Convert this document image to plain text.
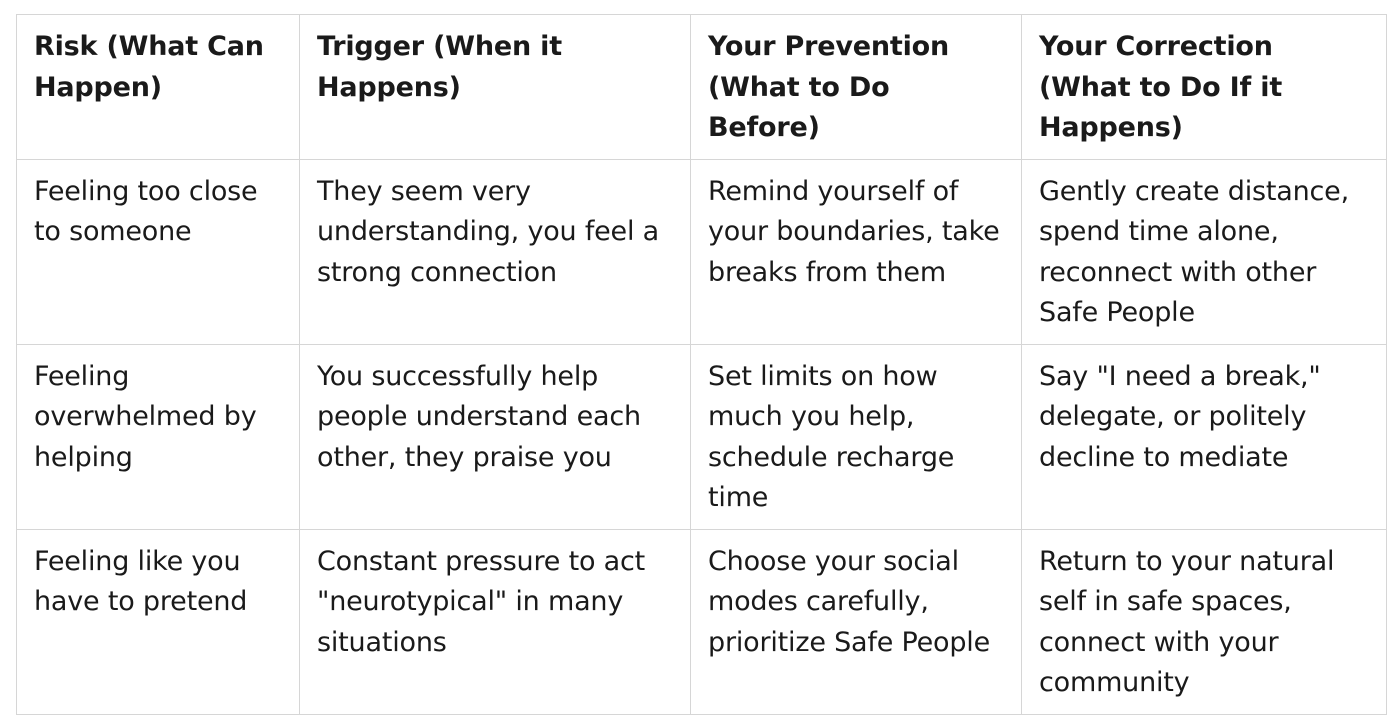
Risk (What Can Happen)	Trigger (When it Happens)	Your Prevention (What to Do Before)	Your Correction (What to Do If it Happens)
Feeling too close to someone	They seem very understanding, you feel a strong connection	Remind yourself of your boundaries, take breaks from them	Gently create distance, spend time alone, reconnect with other Safe People
Feeling overwhelmed by helping	You successfully help people understand each other, they praise you	Set limits on how much you help, schedule recharge time	Say "I need a break," delegate, or politely decline to mediate
Feeling like you have to pretend	Constant pressure to act "neurotypical" in many situations	Choose your social modes carefully, prioritize Safe People	Return to your natural self in safe spaces, connect with your community
